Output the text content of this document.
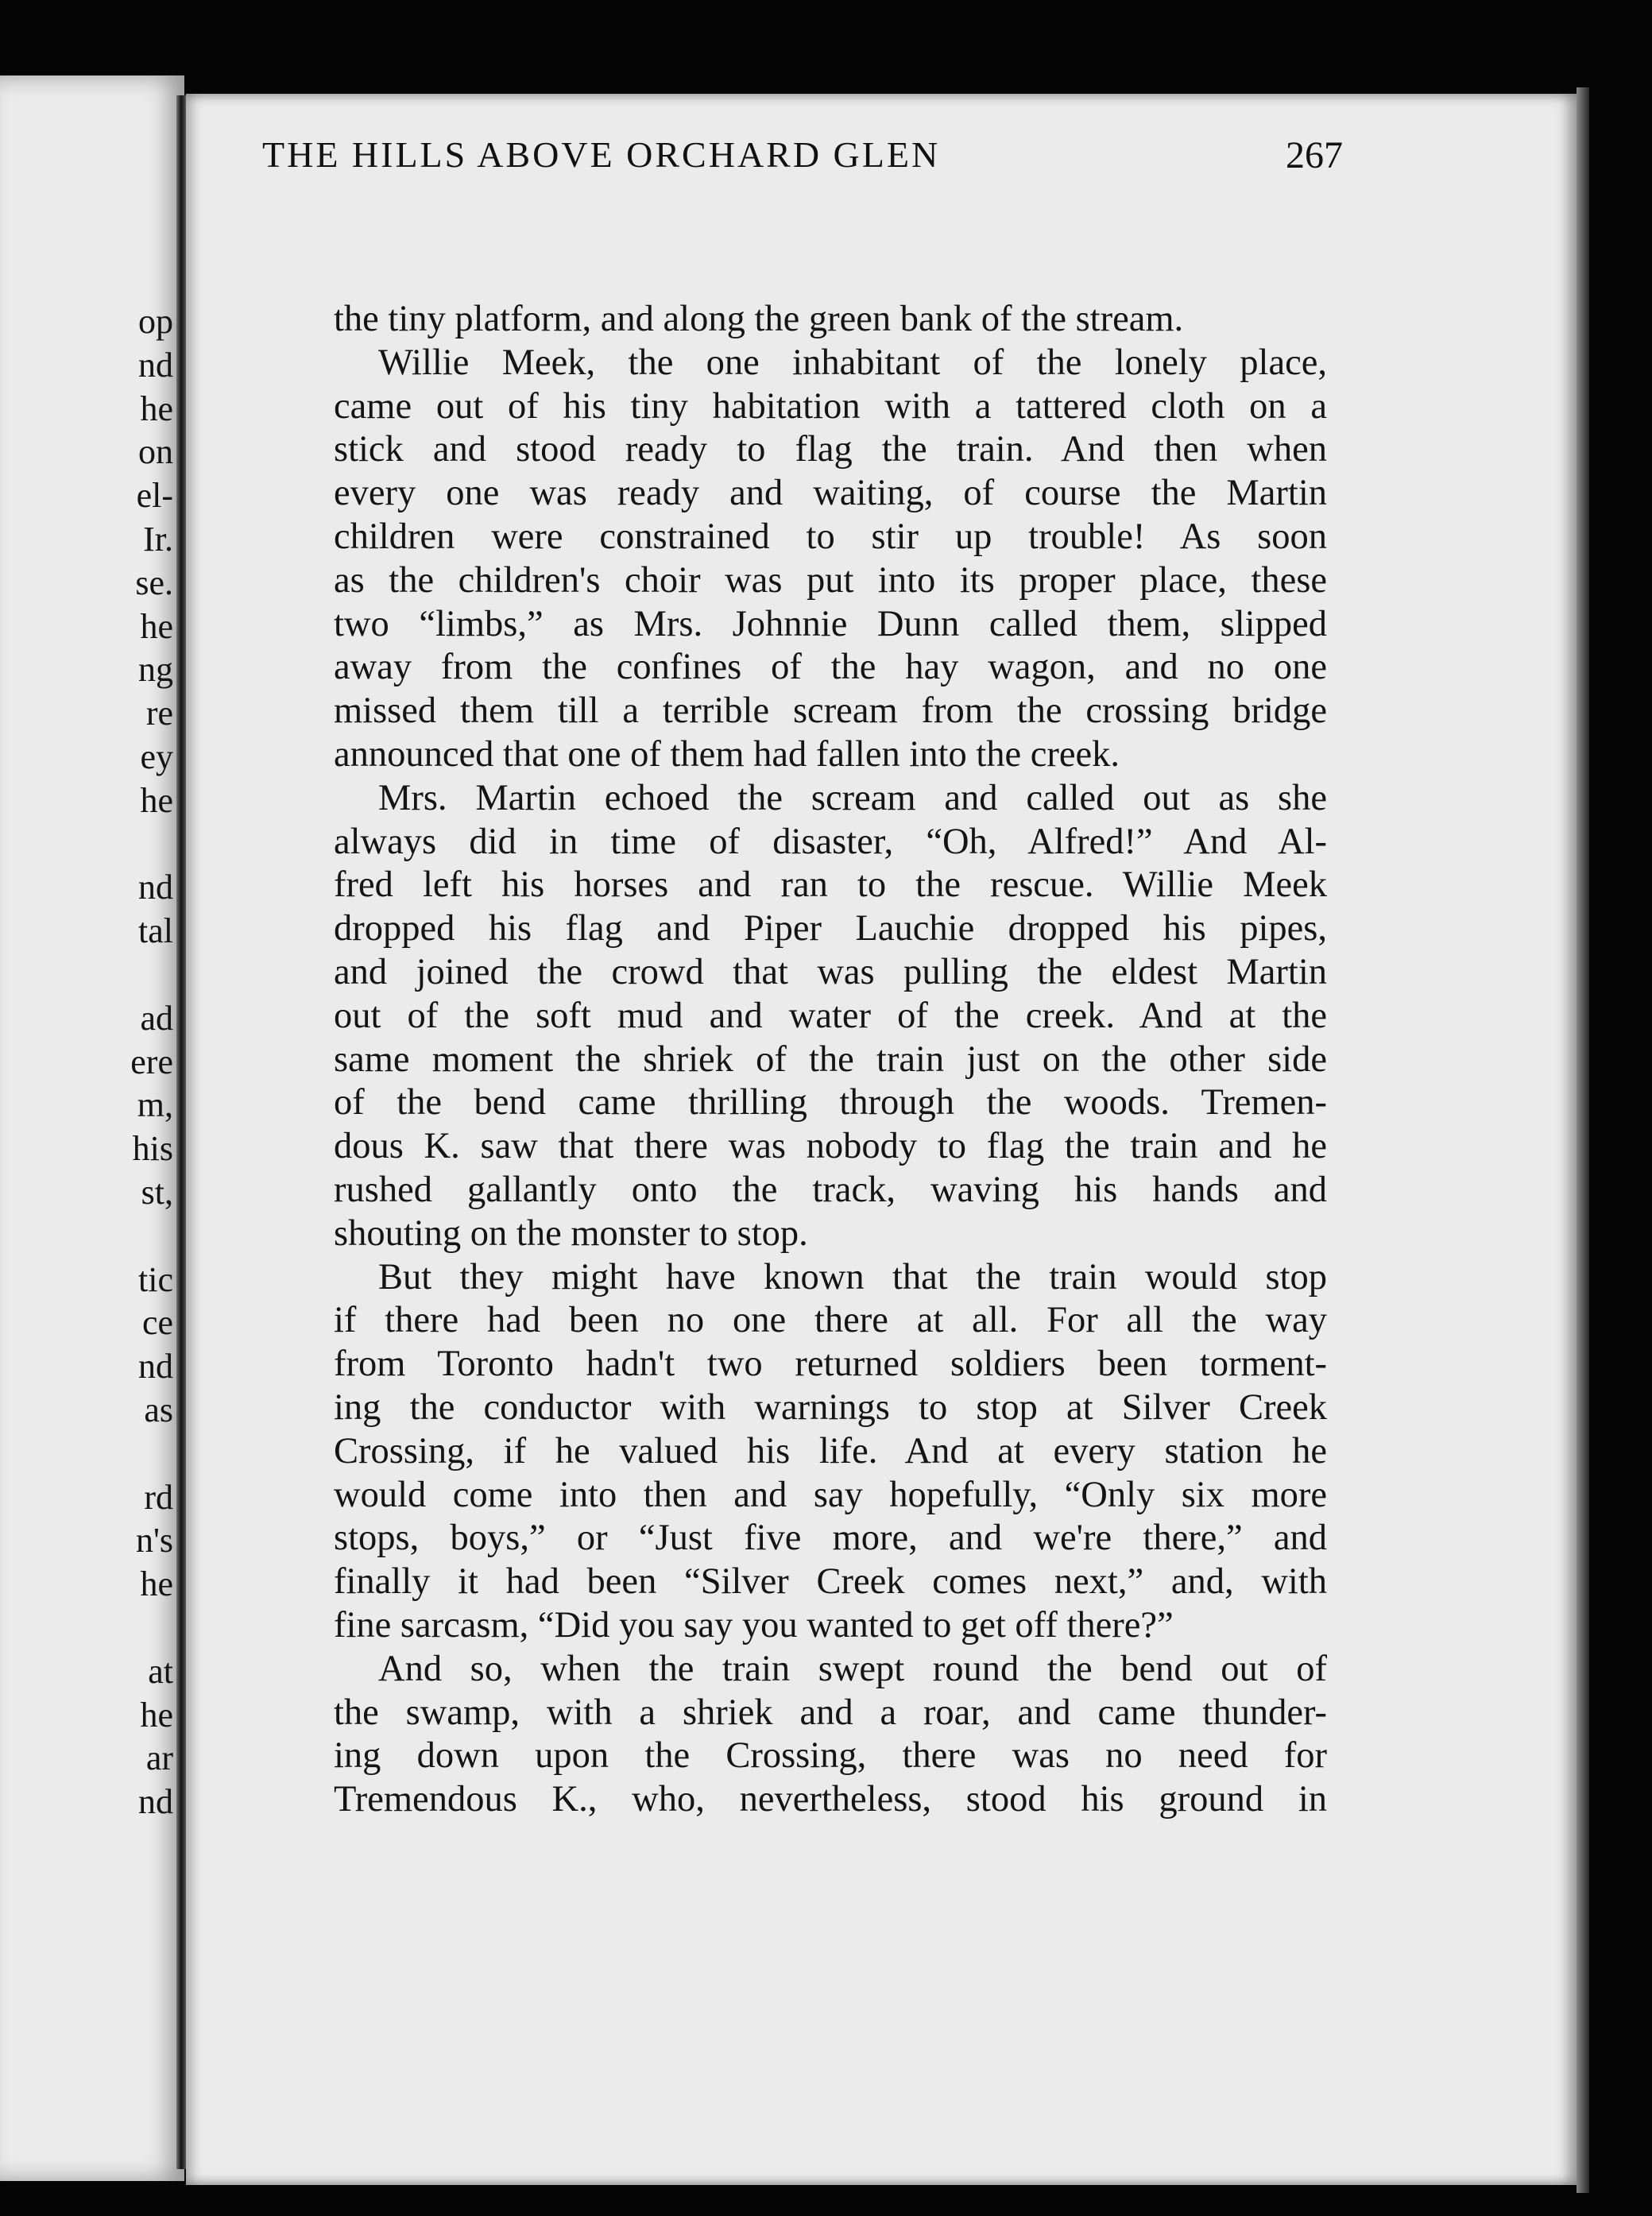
op
nd
he
on
el-
Ir.
se.
he
ng
re
ey
he
nd
tal
ad
ere
m,
his
st,
tic
ce
nd
as
rd
n's
he
at
he
ar
nd
THE HILLS ABOVE ORCHARD GLEN	267
the tiny platform, and along the green bank of the stream.
Willie Meek, the one inhabitant of the lonely place,
came out of his tiny habitation with a tattered cloth on a
stick and stood ready to flag the train. And then when
every one was ready and waiting, of course the Martin
children were constrained to stir up trouble! As soon
as the children's choir was put into its proper place, these
two “limbs,” as Mrs. Johnnie Dunn called them, slipped
away from the confines of the hay wagon, and no one
missed them till a terrible scream from the crossing bridge
announced that one of them had fallen into the creek.
Mrs. Martin echoed the scream and called out as she
always did in time of disaster, “Oh, Alfred!” And Al-
fred left his horses and ran to the rescue. Willie Meek
dropped his flag and Piper Lauchie dropped his pipes,
and joined the crowd that was pulling the eldest Martin
out of the soft mud and water of the creek. And at the
same moment the shriek of the train just on the other side
of the bend came thrilling through the woods. Tremen-
dous K. saw that there was nobody to flag the train and he
rushed gallantly onto the track, waving his hands and
shouting on the monster to stop.
But they might have known that the train would stop
if there had been no one there at all. For all the way
from Toronto hadn't two returned soldiers been torment-
ing the conductor with warnings to stop at Silver Creek
Crossing, if he valued his life. And at every station he
would come into then and say hopefully, “Only six more
stops, boys,” or “Just five more, and we're there,” and
finally it had been “Silver Creek comes next,” and, with
fine sarcasm, “Did you say you wanted to get off there?”
And so, when the train swept round the bend out of
the swamp, with a shriek and a roar, and came thunder-
ing down upon the Crossing, there was no need for
Tremendous K., who, nevertheless, stood his ground in
